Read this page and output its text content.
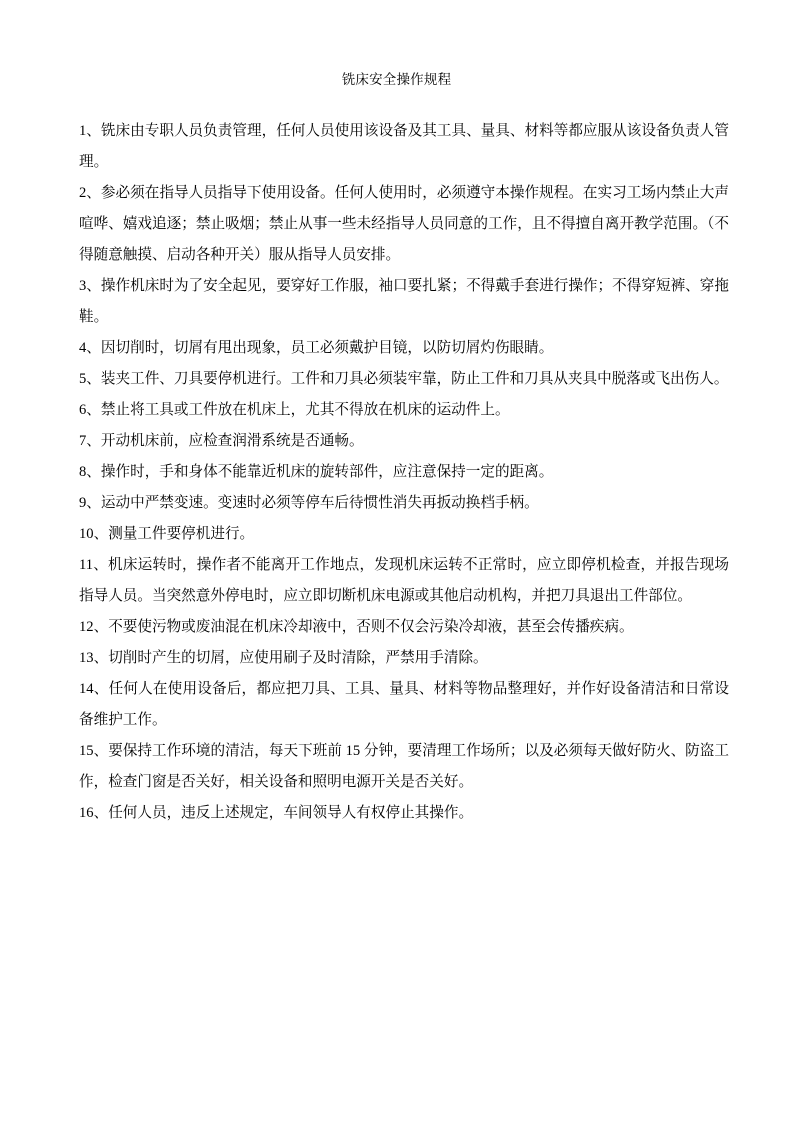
铣床安全操作规程

1、铣床由专职人员负责管理，任何人员使用该设备及其工具、量具、材料等都应服从该设备负责人管理。

2、参必须在指导人员指导下使用设备。任何人使用时，必须遵守本操作规程。在实习工场内禁止大声喧哗、嬉戏追逐；禁止吸烟；禁止从事一些未经指导人员同意的工作，且不得擅自离开教学范围。（不得随意触摸、启动各种开关）服从指导人员安排。

3、操作机床时为了安全起见，要穿好工作服，袖口要扎紧；不得戴手套进行操作；不得穿短裤、穿拖鞋。

4、因切削时，切屑有甩出现象，员工必须戴护目镜，以防切屑灼伤眼睛。

5、装夹工件、刀具要停机进行。工件和刀具必须装牢靠，防止工件和刀具从夹具中脱落或飞出伤人。

6、禁止将工具或工件放在机床上，尤其不得放在机床的运动件上。

7、开动机床前，应检查润滑系统是否通畅。

8、操作时，手和身体不能靠近机床的旋转部件，应注意保持一定的距离。

9、运动中严禁变速。变速时必须等停车后待惯性消失再扳动换档手柄。

10、测量工件要停机进行。

11、机床运转时，操作者不能离开工作地点，发现机床运转不正常时，应立即停机检查，并报告现场指导人员。当突然意外停电时，应立即切断机床电源或其他启动机构，并把刀具退出工件部位。

12、不要使污物或废油混在机床冷却液中，否则不仅会污染冷却液，甚至会传播疾病。

13、切削时产生的切屑，应使用刷子及时清除，严禁用手清除。

14、任何人在使用设备后，都应把刀具、工具、量具、材料等物品整理好，并作好设备清洁和日常设备维护工作。

15、要保持工作环境的清洁，每天下班前 15 分钟，要清理工作场所；以及必须每天做好防火、防盗工作，检查门窗是否关好，相关设备和照明电源开关是否关好。

16、任何人员，违反上述规定，车间领导人有权停止其操作。
